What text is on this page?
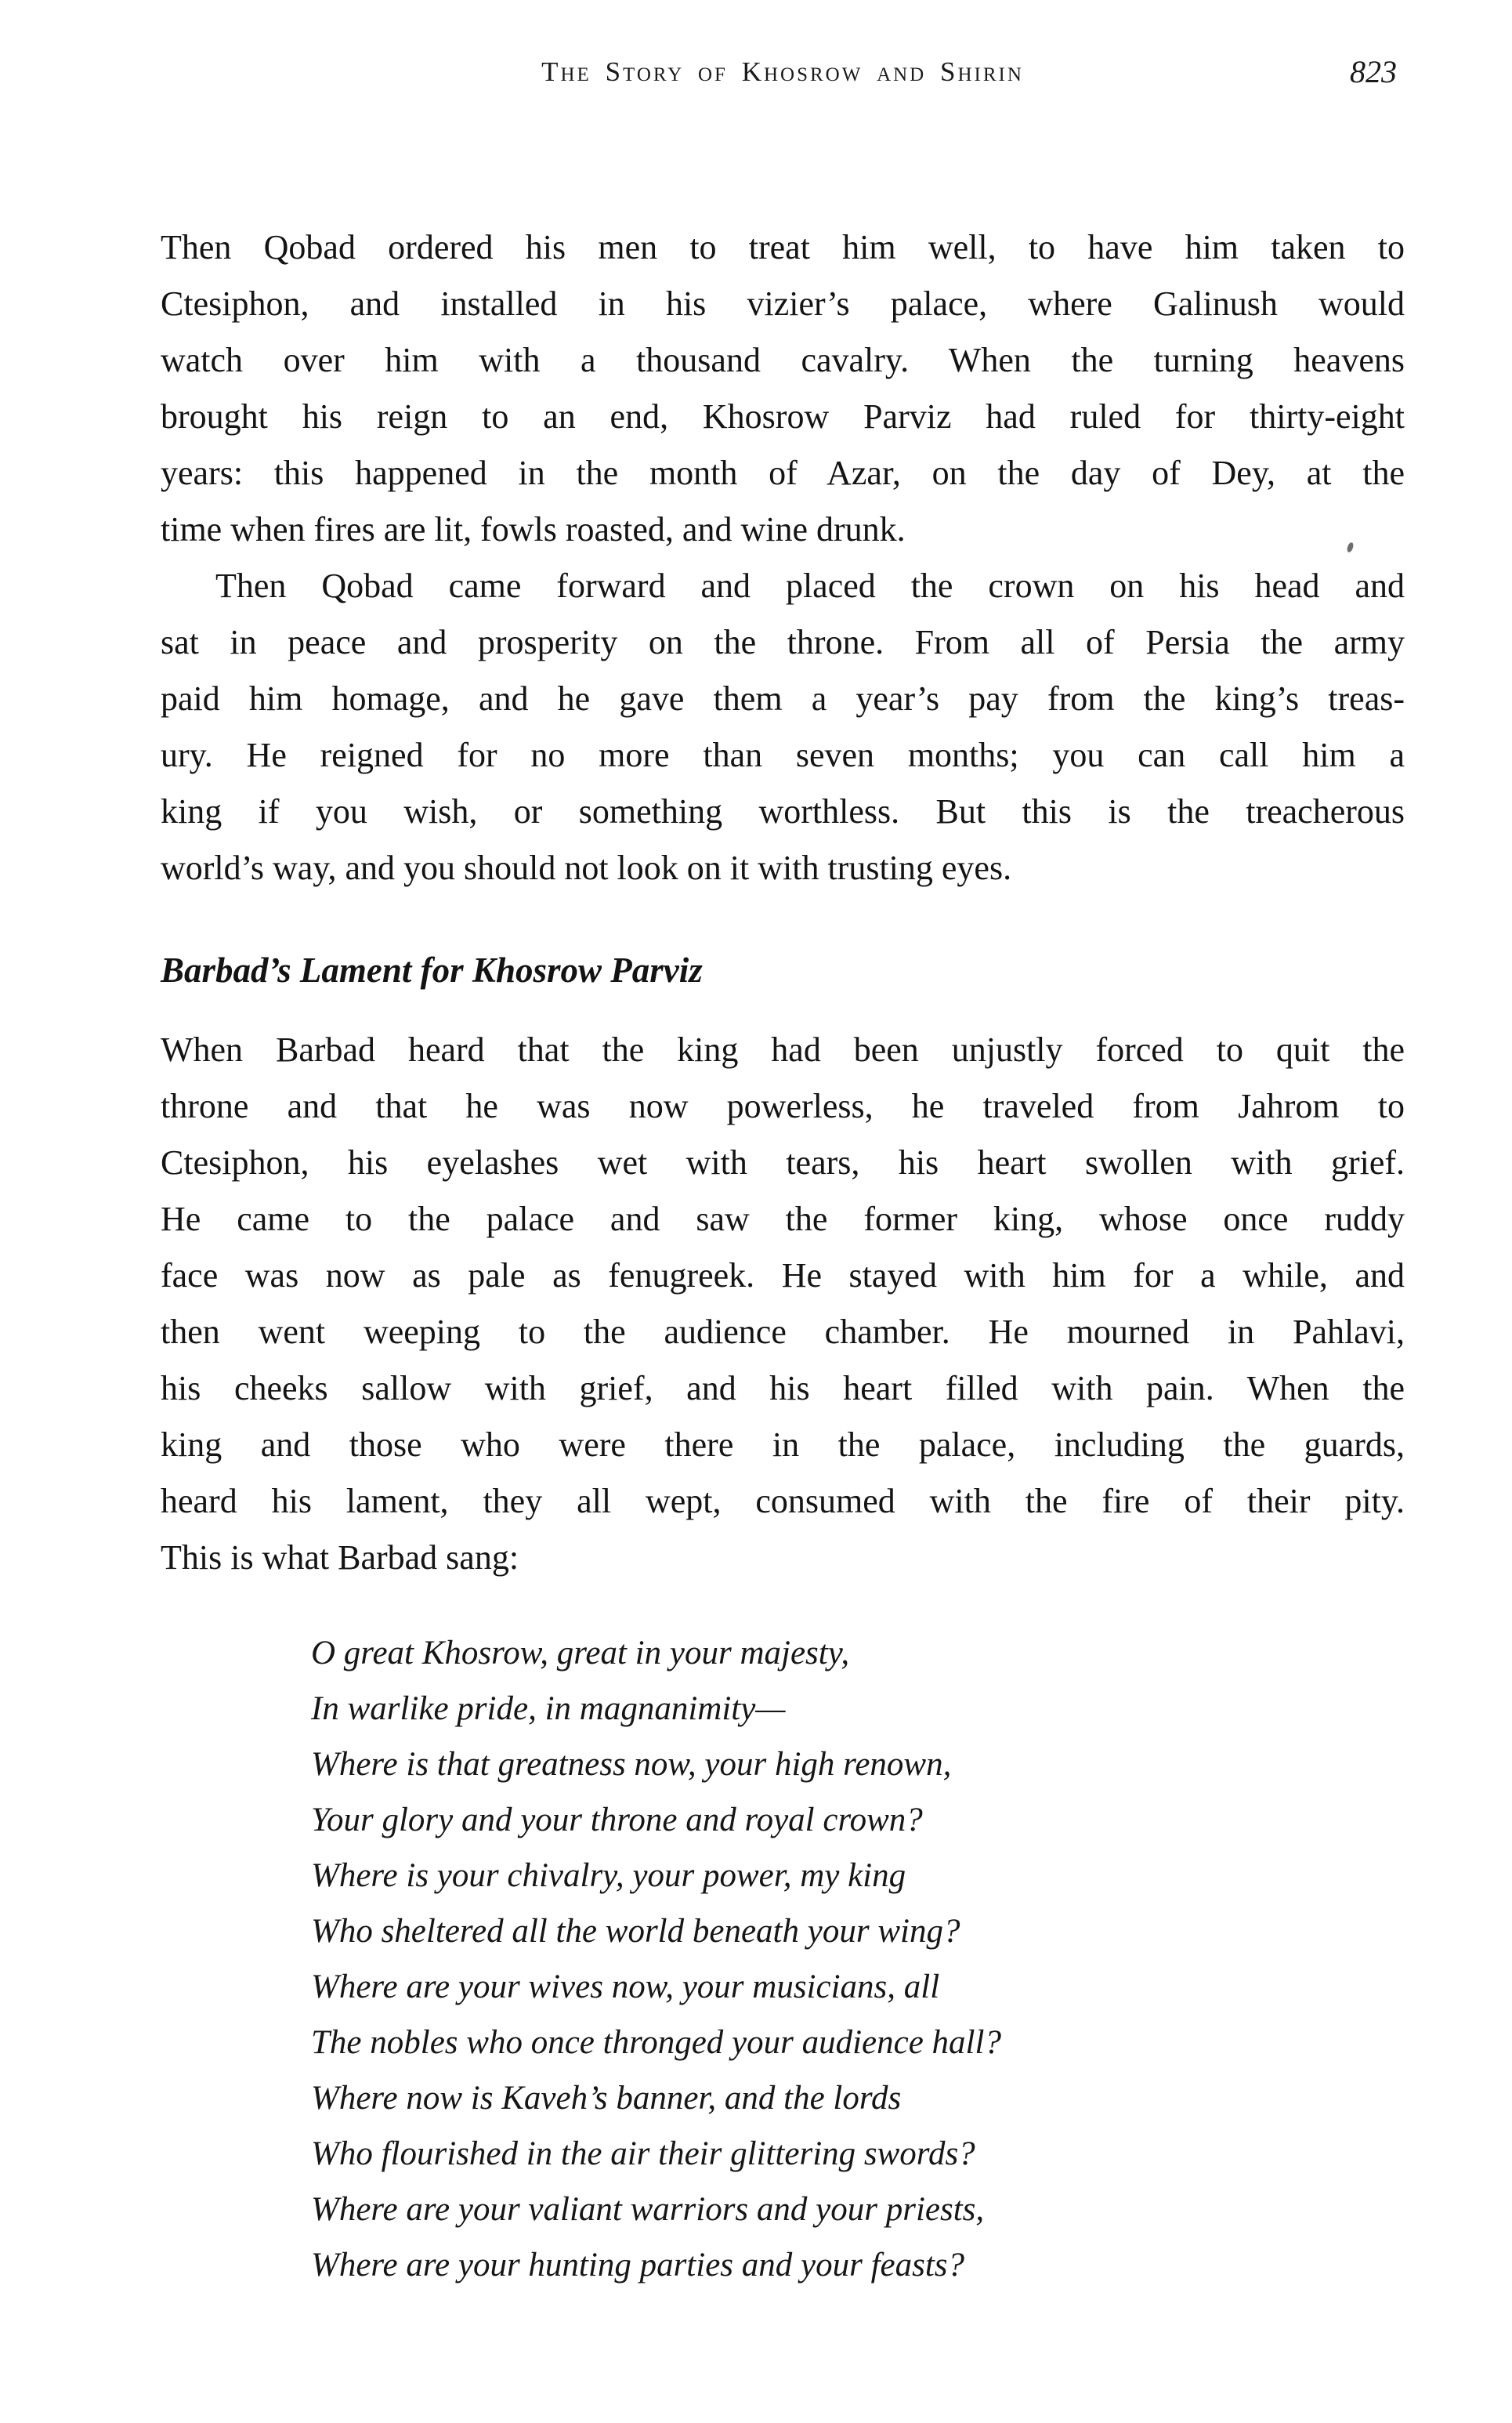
The Story of Khosrow and Shirin	823
Then Qobad ordered his men to treat him well, to have him taken to
Ctesiphon, and installed in his vizier’s palace, where Galinush would
watch over him with a thousand cavalry. When the turning heavens
brought his reign to an end, Khosrow Parviz had ruled for thirty-eight
years: this happened in the month of Azar, on the day of Dey, at the
time when fires are lit, fowls roasted, and wine drunk.
Then Qobad came forward and placed the crown on his head and
sat in peace and prosperity on the throne. From all of Persia the army
paid him homage, and he gave them a year’s pay from the king’s treas-
ury. He reigned for no more than seven months; you can call him a
king if you wish, or something worthless. But this is the treacherous
world’s way, and you should not look on it with trusting eyes.
Barbad’s Lament for Khosrow Parviz
When Barbad heard that the king had been unjustly forced to quit the
throne and that he was now powerless, he traveled from Jahrom to
Ctesiphon, his eyelashes wet with tears, his heart swollen with grief.
He came to the palace and saw the former king, whose once ruddy
face was now as pale as fenugreek. He stayed with him for a while, and
then went weeping to the audience chamber. He mourned in Pahlavi,
his cheeks sallow with grief, and his heart filled with pain. When the
king and those who were there in the palace, including the guards,
heard his lament, they all wept, consumed with the fire of their pity.
This is what Barbad sang:
O great Khosrow, great in your majesty,
In warlike pride, in magnanimity—
Where is that greatness now, your high renown,
Your glory and your throne and royal crown?
Where is your chivalry, your power, my king
Who sheltered all the world beneath your wing?
Where are your wives now, your musicians, all
The nobles who once thronged your audience hall?
Where now is Kaveh’s banner, and the lords
Who flourished in the air their glittering swords?
Where are your valiant warriors and your priests,
Where are your hunting parties and your feasts?
